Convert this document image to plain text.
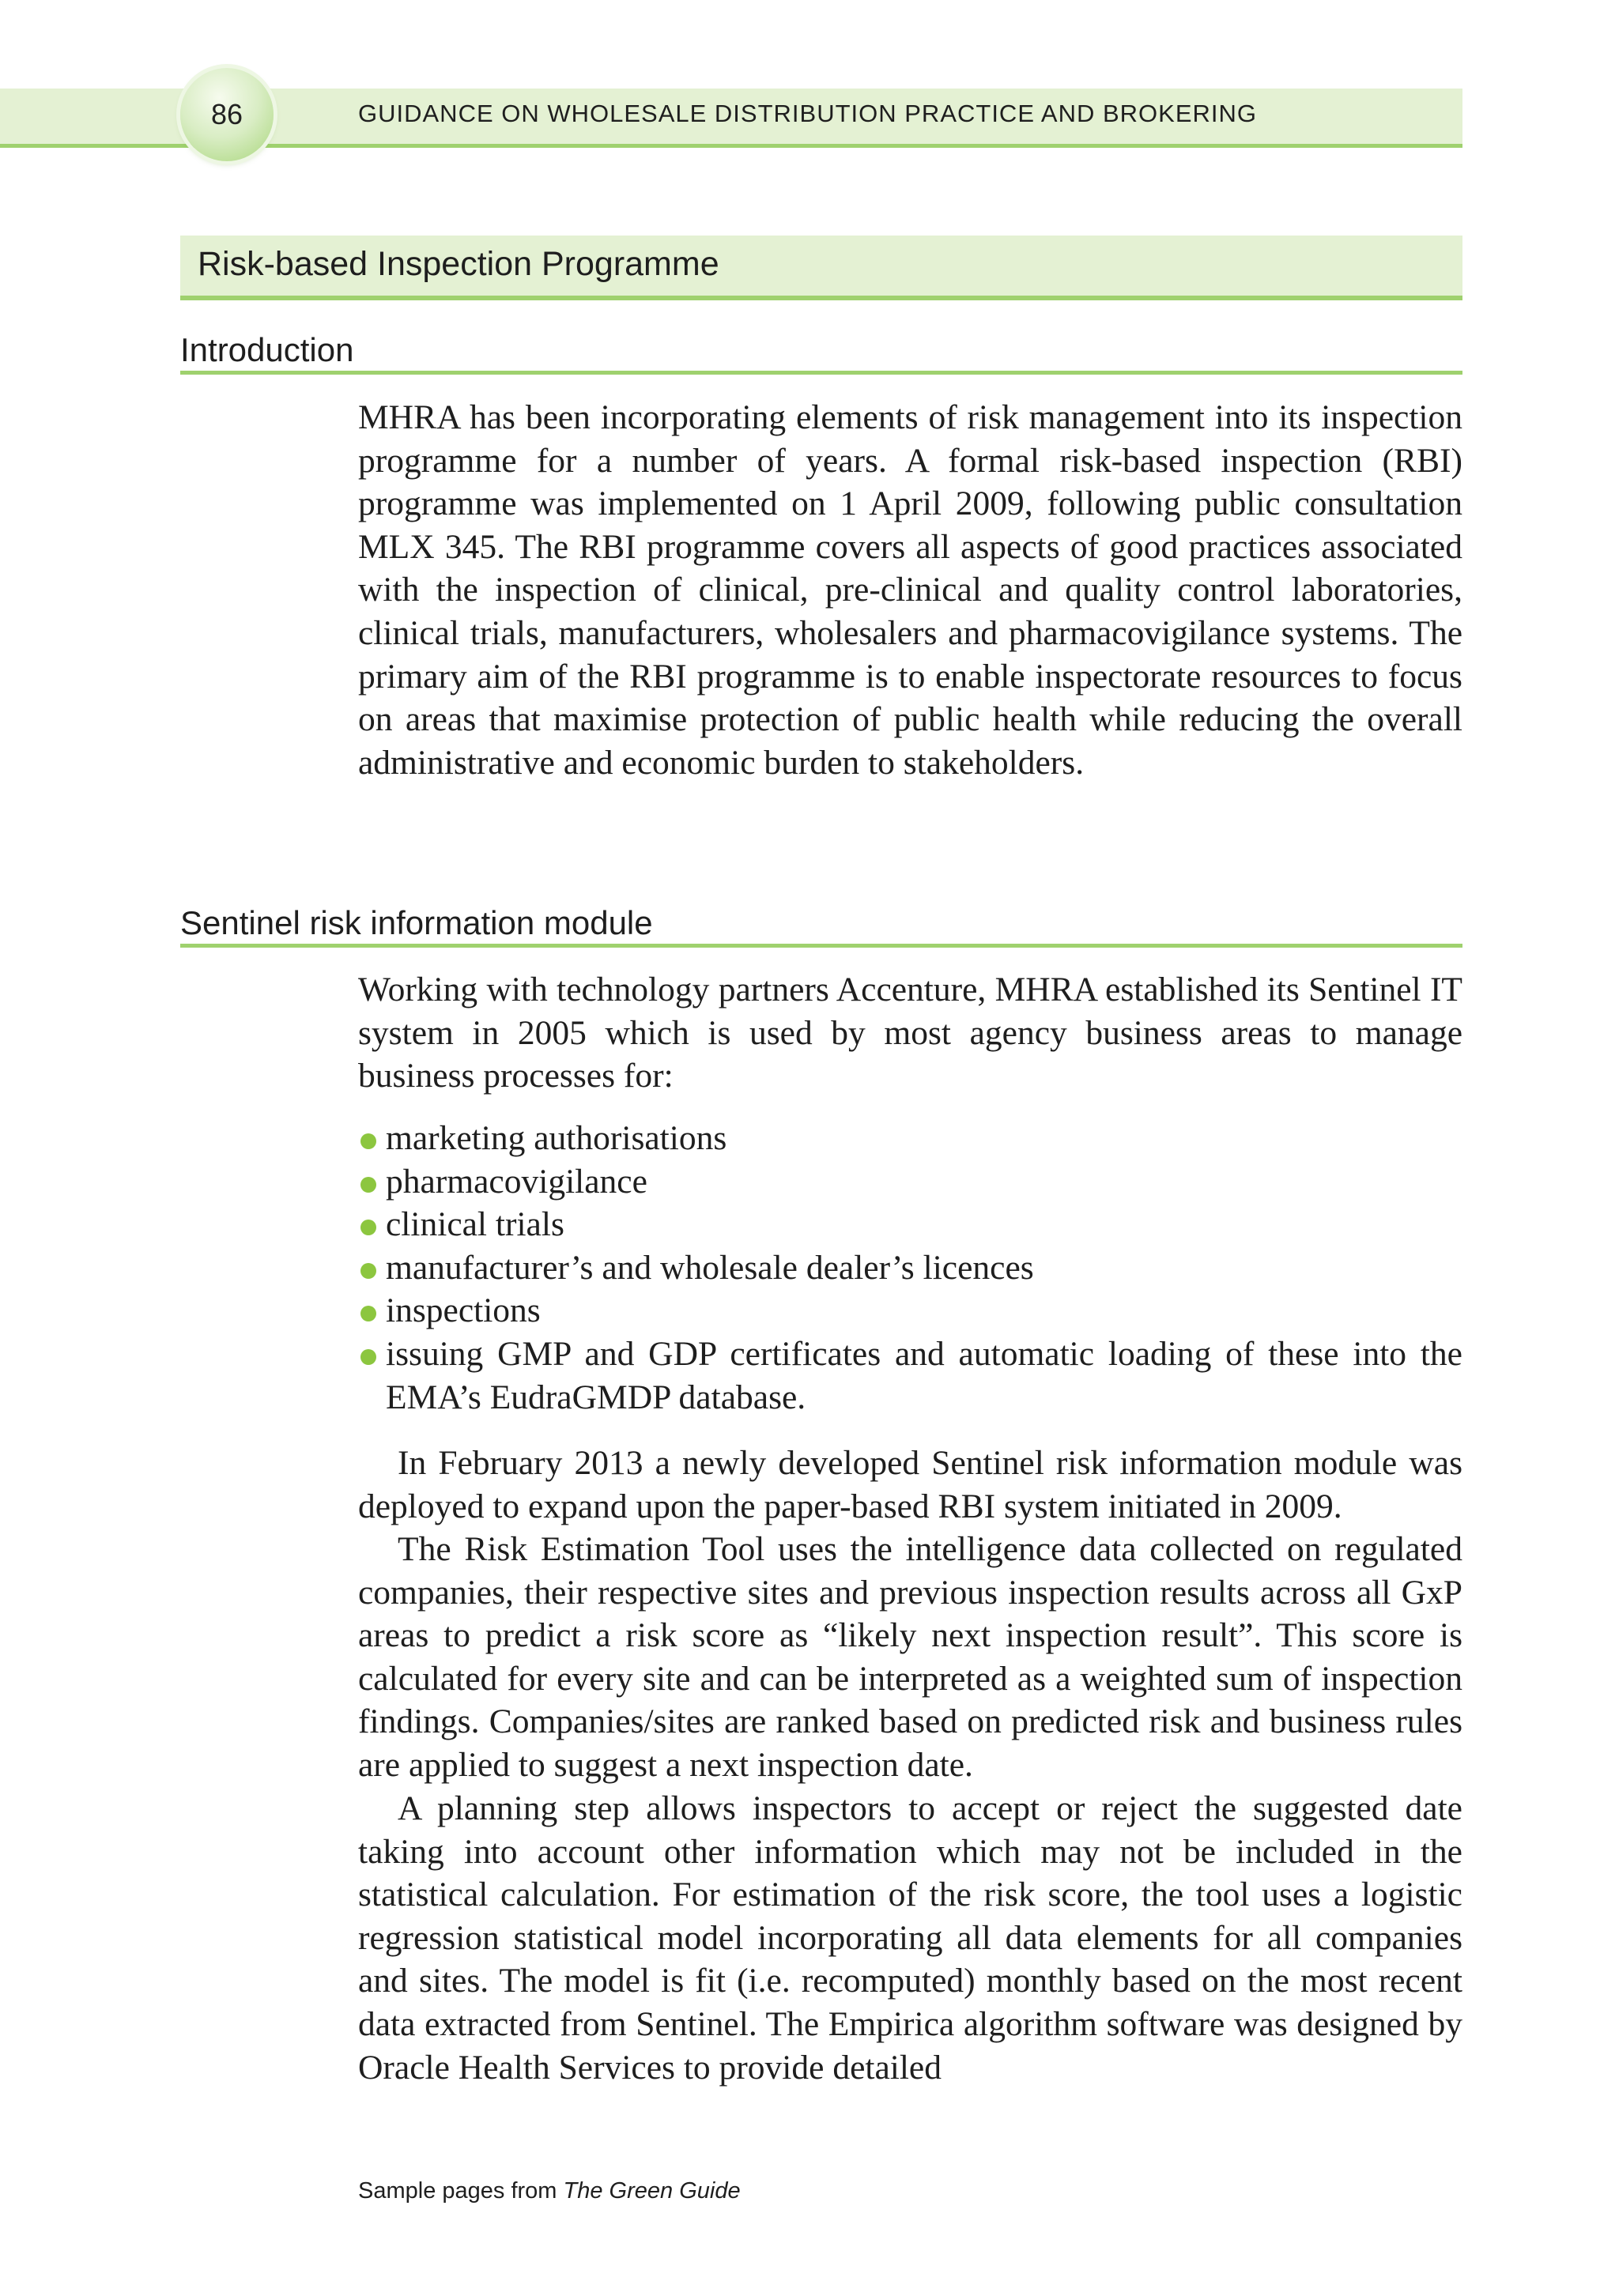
86	GUIDANCE ON WHOLESALE DISTRIBUTION PRACTICE AND BROKERING
Risk-based Inspection Programme
Introduction

MHRA has been incorporating elements of risk management into its inspection programme for a number of years. A formal risk-based inspection (RBI) programme was implemented on 1 April 2009, following public consultation MLX 345. The RBI programme covers all aspects of good practices associated with the inspection of clinical, pre-clinical and quality control laboratories, clinical trials, manufacturers, wholesalers and pharmacovigilance systems. The primary aim of the RBI programme is to enable inspectorate resources to focus on areas that maximise protection of public health while reducing the overall administrative and economic burden to stakeholders.

Sentinel risk information module

Working with technology partners Accenture, MHRA established its Sentinel IT system in 2005 which is used by most agency business areas to manage business processes for:

marketing authorisations
pharmacovigilance
clinical trials
manufacturer’s and wholesale dealer’s licences
inspections
issuing GMP and GDP certificates and automatic loading of these into the EMA’s EudraGMDP database.

In February 2013 a newly developed Sentinel risk information module was deployed to expand upon the paper-based RBI system initiated in 2009.

The Risk Estimation Tool uses the intelligence data collected on regulated companies, their respective sites and previous inspection results across all GxP areas to predict a risk score as “likely next inspection result”. This score is calculated for every site and can be interpreted as a weighted sum of inspection findings. Companies/sites are ranked based on predicted risk and business rules are applied to suggest a next inspection date.

A planning step allows inspectors to accept or reject the suggested date taking into account other information which may not be included in the statistical calculation. For estimation of the risk score, the tool uses a logistic regression statistical model incorporating all data elements for all companies and sites. The model is fit (i.e. recomputed) monthly based on the most recent data extracted from Sentinel. The Empirica algorithm software was designed by Oracle Health Services to provide detailed

Sample pages from The Green Guide
